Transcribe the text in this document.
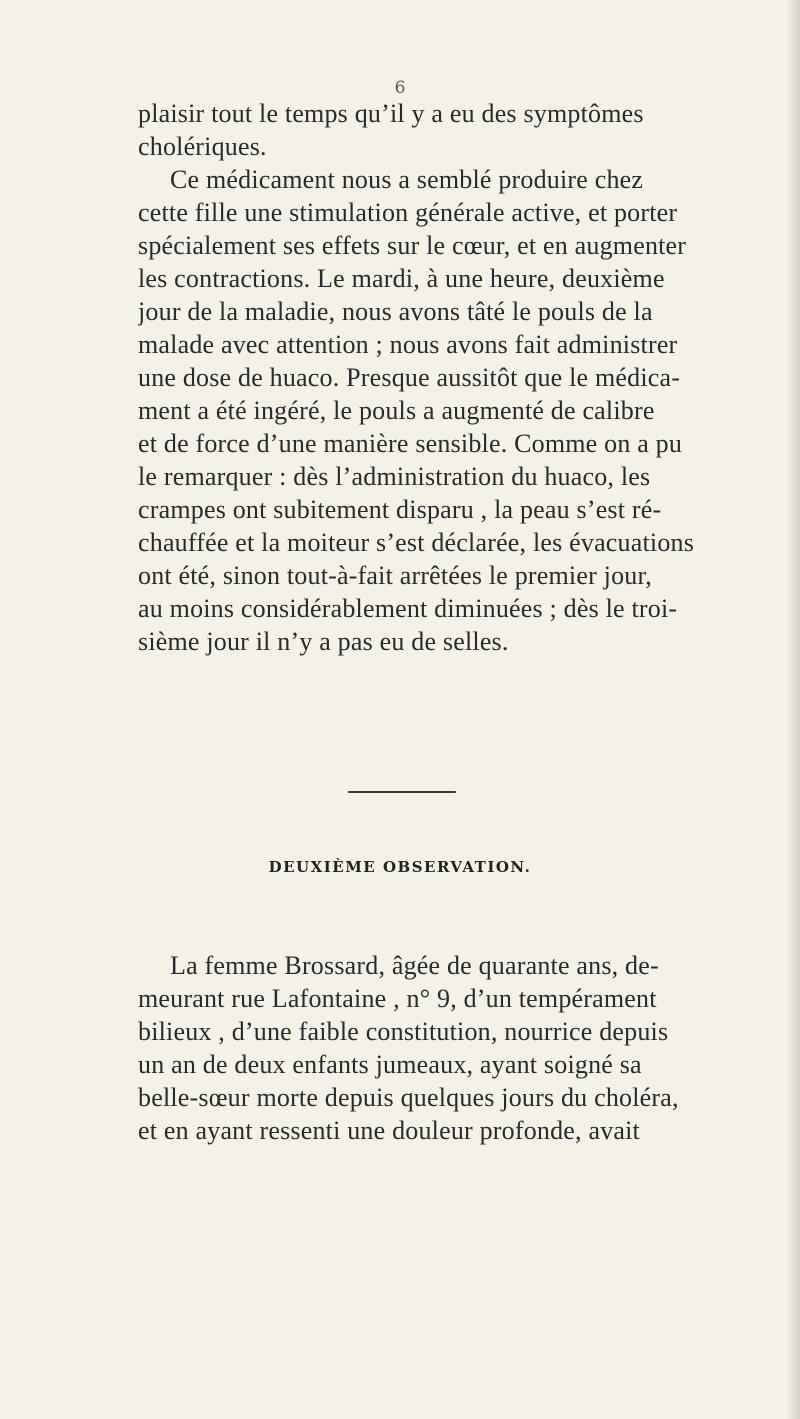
6
plaisir tout le temps qu’il y a eu des symptômes
cholériques.
Ce médicament nous a semblé produire chez
cette fille une stimulation générale active, et porter
spécialement ses effets sur le cœur, et en augmenter
les contractions. Le mardi, à une heure, deuxième
jour de la maladie, nous avons tâté le pouls de la
malade avec attention ; nous avons fait administrer
une dose de huaco. Presque aussitôt que le médica-
ment a été ingéré, le pouls a augmenté de calibre
et de force d’une manière sensible. Comme on a pu
le remarquer : dès l’administration du huaco, les
crampes ont subitement disparu , la peau s’est ré-
chauffée et la moiteur s’est déclarée, les évacuations
ont été, sinon tout-à-fait arrêtées le premier jour,
au moins considérablement diminuées ; dès le troi-
sième jour il n’y a pas eu de selles.
DEUXIÈME OBSERVATION.
La femme Brossard, âgée de quarante ans, de-
meurant rue Lafontaine , n° 9, d’un tempérament
bilieux , d’une faible constitution, nourrice depuis
un an de deux enfants jumeaux, ayant soigné sa
belle-sœur morte depuis quelques jours du choléra,
et en ayant ressenti une douleur profonde, avait
